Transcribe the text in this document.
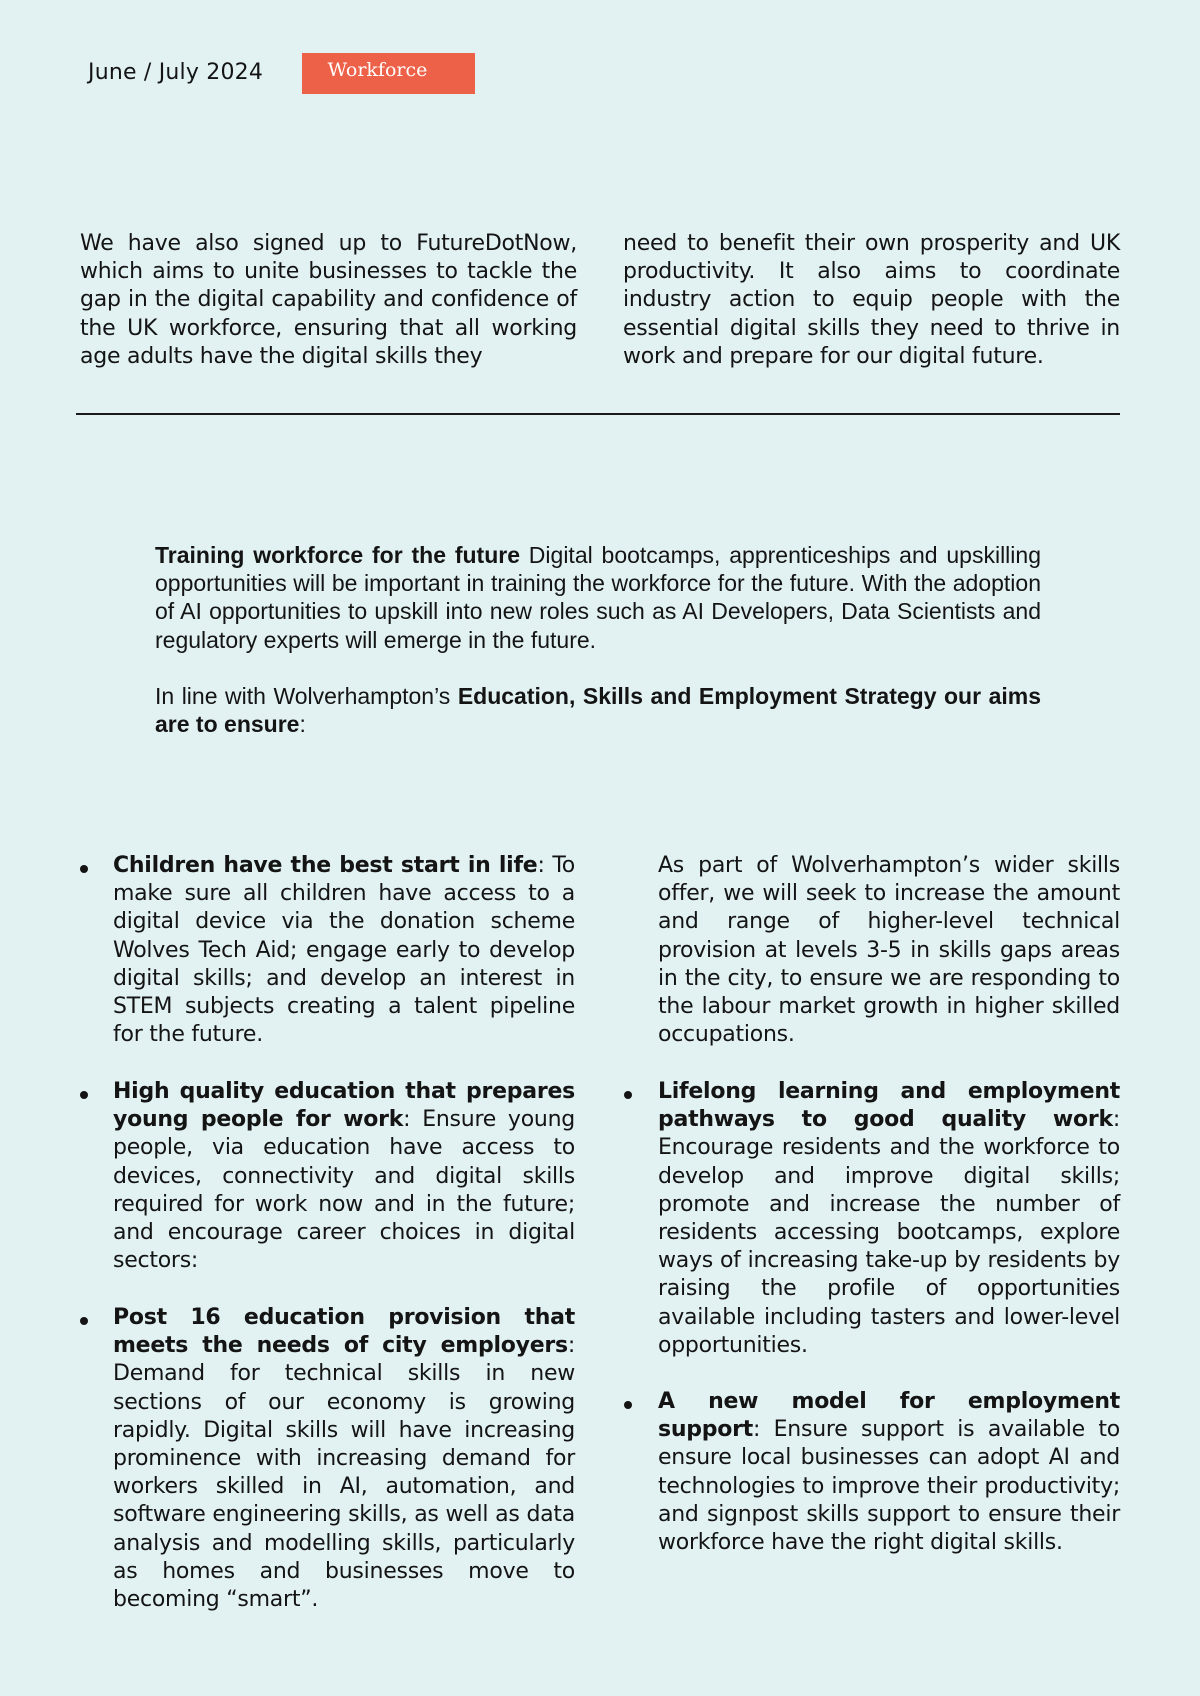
June / July 2024	Workforce

We have also signed up to FutureDotNow, which aims to unite businesses to tackle the gap in the digital capability and confidence of the UK workforce, ensuring that all working age adults have the digital skills they

need to benefit their own prosperity and UK productivity. It also aims to coordinate industry action to equip people with the essential digital skills they need to thrive in work and prepare for our digital future.

Training workforce for the future Digital bootcamps, apprenticeships and upskilling opportunities will be important in training the workforce for the future. With the adoption of AI opportunities to upskill into new roles such as AI Developers, Data Scientists and regulatory experts will emerge in the future.

In line with Wolverhampton’s Education, Skills and Employment Strategy our aims are to ensure:

Children have the best start in life: To make sure all children have access to a digital device via the donation scheme Wolves Tech Aid; engage early to develop digital skills; and develop an interest in STEM subjects creating a talent pipeline for the future.

High quality education that prepares young people for work: Ensure young people, via education have access to devices, connectivity and digital skills required for work now and in the future; and encourage career choices in digital sectors:

Post 16 education provision that meets the needs of city employers: Demand for technical skills in new sections of our economy is growing rapidly. Digital skills will have increasing prominence with increasing demand for workers skilled in AI, automation, and software engineering skills, as well as data analysis and modelling skills, particularly as homes and businesses move to becoming “smart”.

As part of Wolverhampton’s wider skills offer, we will seek to increase the amount and range of higher-level technical provision at levels 3-5 in skills gaps areas in the city, to ensure we are responding to the labour market growth in higher skilled occupations.

Lifelong learning and employment pathways to good quality work: Encourage residents and the workforce to develop and improve digital skills; promote and increase the number of residents accessing bootcamps, explore ways of increasing take-up by residents by raising the profile of opportunities available including tasters and lower-level opportunities.

A new model for employment support: Ensure support is available to ensure local businesses can adopt AI and technologies to improve their productivity; and signpost skills support to ensure their workforce have the right digital skills.
